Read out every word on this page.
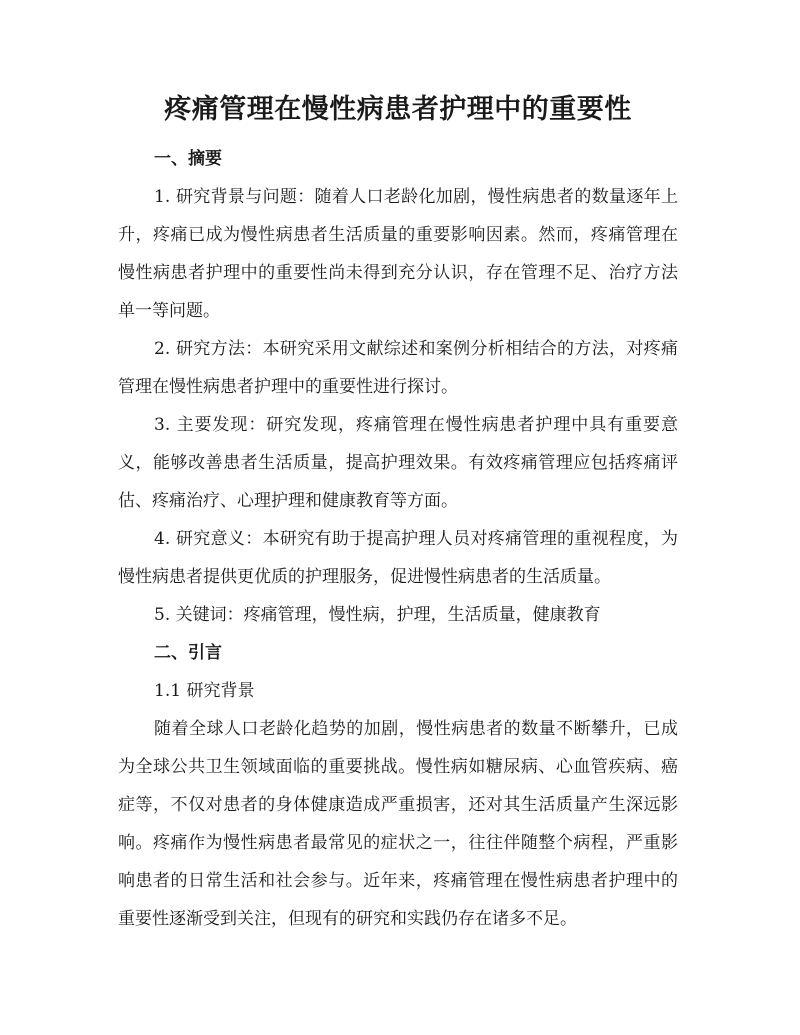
疼痛管理在慢性病患者护理中的重要性

一、摘要

1. 研究背景与问题：随着人口老龄化加剧，慢性病患者的数量逐年上升，疼痛已成为慢性病患者生活质量的重要影响因素。然而，疼痛管理在慢性病患者护理中的重要性尚未得到充分认识，存在管理不足、治疗方法单一等问题。

2. 研究方法：本研究采用文献综述和案例分析相结合的方法，对疼痛管理在慢性病患者护理中的重要性进行探讨。

3. 主要发现：研究发现，疼痛管理在慢性病患者护理中具有重要意义，能够改善患者生活质量，提高护理效果。有效疼痛管理应包括疼痛评估、疼痛治疗、心理护理和健康教育等方面。

4. 研究意义：本研究有助于提高护理人员对疼痛管理的重视程度，为慢性病患者提供更优质的护理服务，促进慢性病患者的生活质量。

5. 关键词：疼痛管理，慢性病，护理，生活质量，健康教育

二、引言

1.1 研究背景

随着全球人口老龄化趋势的加剧，慢性病患者的数量不断攀升，已成为全球公共卫生领域面临的重要挑战。慢性病如糖尿病、心血管疾病、癌症等，不仅对患者的身体健康造成严重损害，还对其生活质量产生深远影响。疼痛作为慢性病患者最常见的症状之一，往往伴随整个病程，严重影响患者的日常生活和社会参与。近年来，疼痛管理在慢性病患者护理中的重要性逐渐受到关注，但现有的研究和实践仍存在诸多不足。
